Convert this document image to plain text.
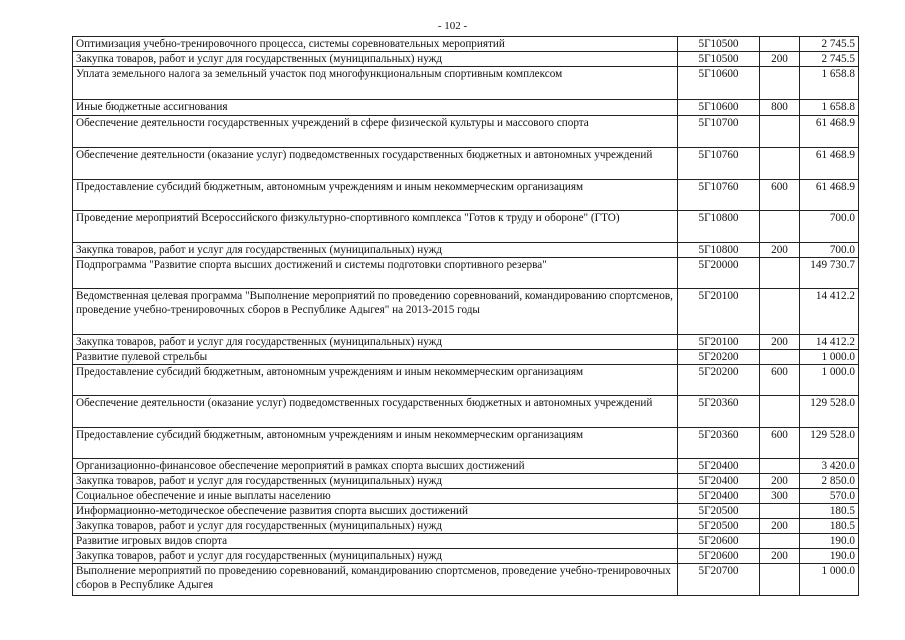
- 102 -
Оптимизация учебно-тренировочного процесса, системы соревновательных мероприятий	5Г10500		2 745.5
Закупка товаров, работ и услуг для государственных (муниципальных) нужд	5Г10500	200	2 745.5
Уплата земельного налога за земельный участок под многофункциональным спортивным комплексом	5Г10600		1 658.8
Иные бюджетные ассигнования	5Г10600	800	1 658.8
Обеспечение деятельности государственных учреждений в сфере физической культуры и массового спорта	5Г10700		61 468.9
Обеспечение деятельности (оказание услуг) подведомственных государственных бюджетных и автономных учреждений	5Г10760		61 468.9
Предоставление субсидий бюджетным, автономным учреждениям и иным некоммерческим организациям	5Г10760	600	61 468.9
Проведение мероприятий Всероссийского физкультурно-спортивного комплекса "Готов к труду и обороне" (ГТО)	5Г10800		700.0
Закупка товаров, работ и услуг для государственных (муниципальных) нужд	5Г10800	200	700.0
Подпрограмма "Развитие спорта высших достижений и системы подготовки спортивного резерва"	5Г20000		149 730.7
Ведомственная целевая программа "Выполнение мероприятий по проведению соревнований, командированию спортсменов, проведение учебно-тренировочных сборов в Республике Адыгея" на 2013-2015 годы	5Г20100		14 412.2
Закупка товаров, работ и услуг для государственных (муниципальных) нужд	5Г20100	200	14 412.2
Развитие пулевой стрельбы	5Г20200		1 000.0
Предоставление субсидий бюджетным, автономным учреждениям и иным некоммерческим организациям	5Г20200	600	1 000.0
Обеспечение деятельности (оказание услуг) подведомственных государственных бюджетных и автономных учреждений	5Г20360		129 528.0
Предоставление субсидий бюджетным, автономным учреждениям и иным некоммерческим организациям	5Г20360	600	129 528.0
Организационно-финансовое обеспечение мероприятий в рамках спорта высших достижений	5Г20400		3 420.0
Закупка товаров, работ и услуг для государственных (муниципальных) нужд	5Г20400	200	2 850.0
Социальное обеспечение и иные выплаты населению	5Г20400	300	570.0
Информационно-методическое обеспечение развития спорта высших достижений	5Г20500		180.5
Закупка товаров, работ и услуг для государственных (муниципальных) нужд	5Г20500	200	180.5
Развитие игровых видов спорта	5Г20600		190.0
Закупка товаров, работ и услуг для государственных (муниципальных) нужд	5Г20600	200	190.0
Выполнение мероприятий по проведению соревнований, командированию спортсменов, проведение учебно-тренировочных сборов в Республике Адыгея	5Г20700		1 000.0
